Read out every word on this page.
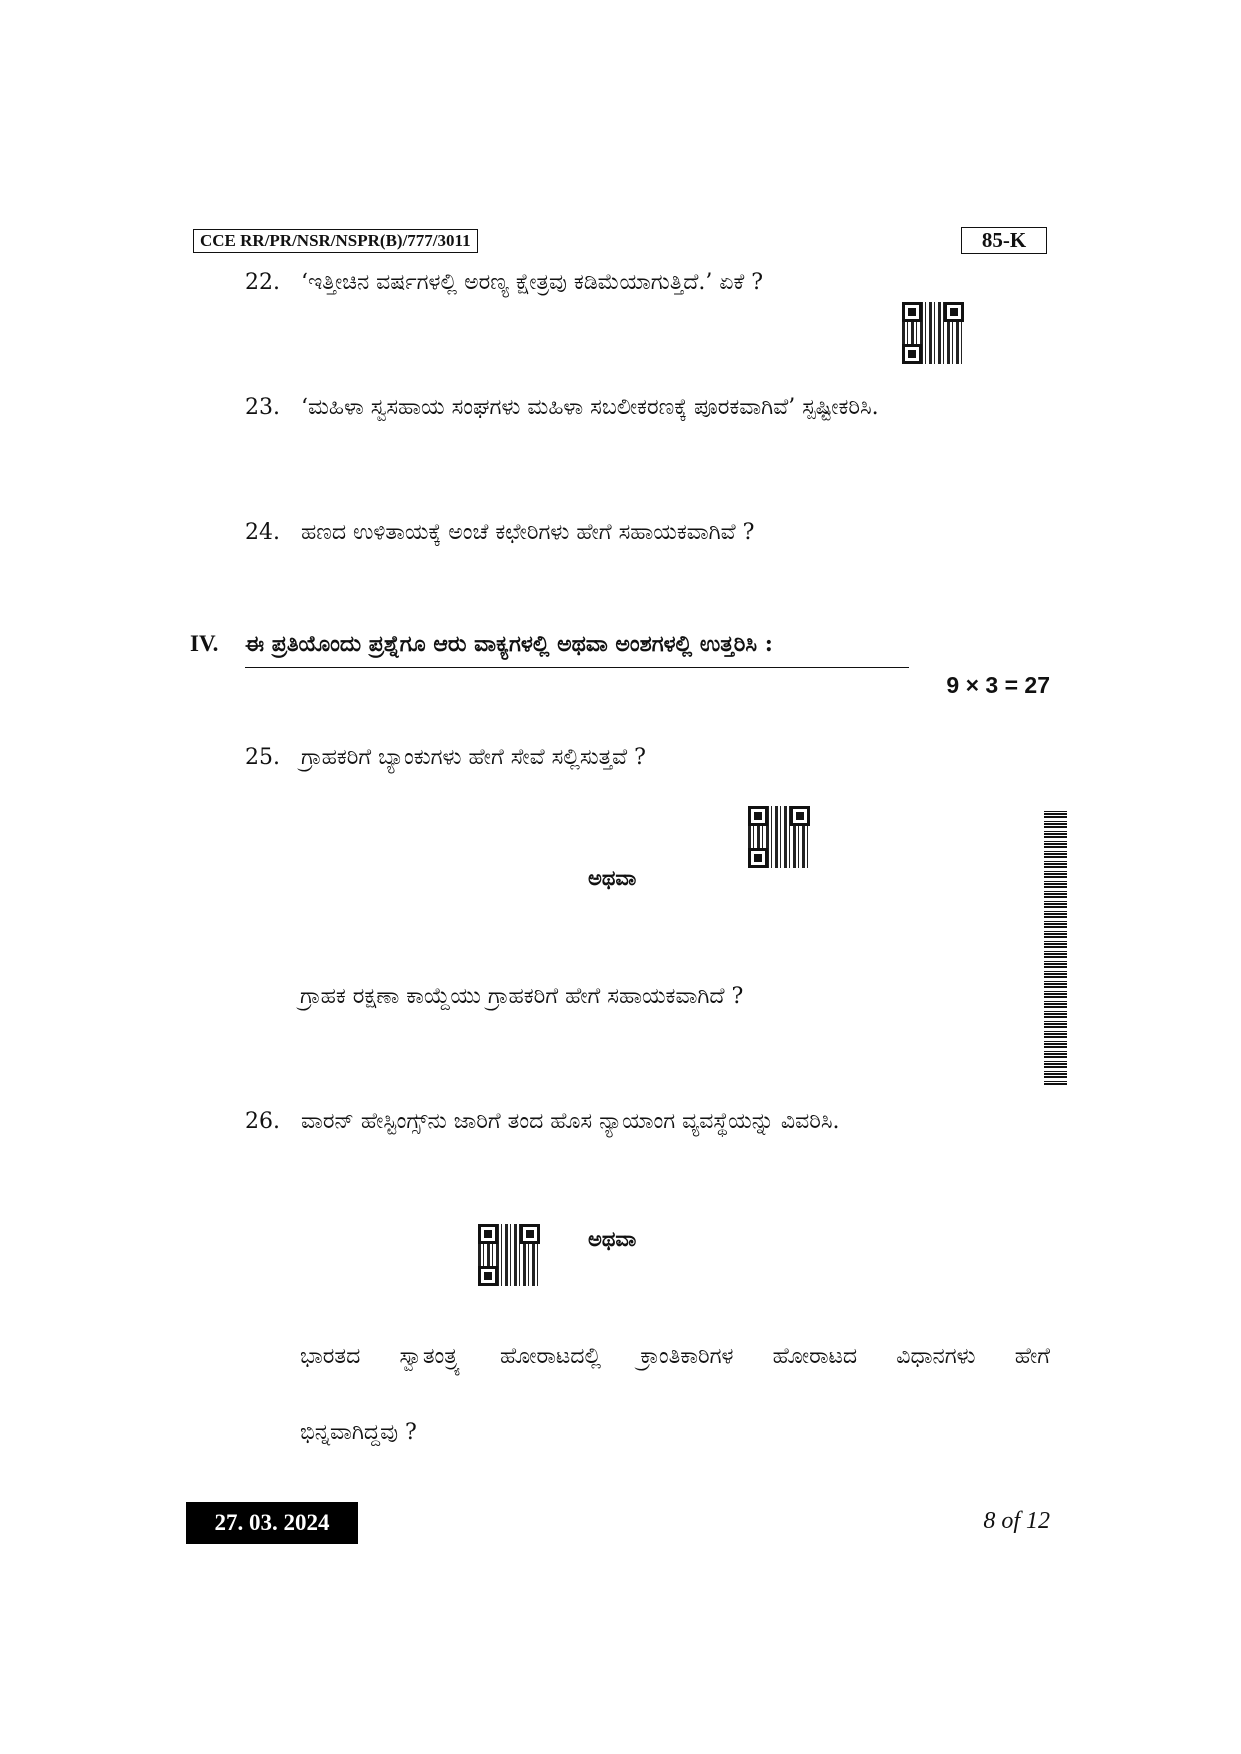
CCE RR/PR/NSR/NSPR(B)/777/3011	85-K
22. ‘ಇತ್ತೀಚಿನ ವರ್ಷಗಳಲ್ಲಿ ಅರಣ್ಯ ಕ್ಷೇತ್ರವು ಕಡಿಮೆಯಾಗುತ್ತಿದೆ.’ ಏಕೆ ?
23. ‘ಮಹಿಳಾ ಸ್ವಸಹಾಯ ಸಂಘಗಳು ಮಹಿಳಾ ಸಬಲೀಕರಣಕ್ಕೆ ಪೂರಕವಾಗಿವೆ’ ಸ್ಪಷ್ಟೀಕರಿಸಿ.
24. ಹಣದ ಉಳಿತಾಯಕ್ಕೆ ಅಂಚೆ ಕಛೇರಿಗಳು ಹೇಗೆ ಸಹಾಯಕವಾಗಿವೆ ?
IV. ಈ ಪ್ರತಿಯೊಂದು ಪ್ರಶ್ನೆಗೂ ಆರು ವಾಕ್ಯಗಳಲ್ಲಿ ಅಥವಾ ಅಂಶಗಳಲ್ಲಿ ಉತ್ತರಿಸಿ :
9 × 3 = 27
25. ಗ್ರಾಹಕರಿಗೆ ಬ್ಯಾಂಕುಗಳು ಹೇಗೆ ಸೇವೆ ಸಲ್ಲಿಸುತ್ತವೆ ?
ಅಥವಾ
ಗ್ರಾಹಕ ರಕ್ಷಣಾ ಕಾಯ್ದೆಯು ಗ್ರಾಹಕರಿಗೆ ಹೇಗೆ ಸಹಾಯಕವಾಗಿದೆ ?
26. ವಾರನ್ ಹೇಸ್ಟಿಂಗ್ಸ್‌ನು ಜಾರಿಗೆ ತಂದ ಹೊಸ ನ್ಯಾಯಾಂಗ ವ್ಯವಸ್ಥೆಯನ್ನು ವಿವರಿಸಿ.
ಅಥವಾ
ಭಾರತದ ಸ್ವಾತಂತ್ರ್ಯ ಹೋರಾಟದಲ್ಲಿ ಕ್ರಾಂತಿಕಾರಿಗಳ ಹೋರಾಟದ ವಿಧಾನಗಳು ಹೇಗೆ
ಭಿನ್ನವಾಗಿದ್ದವು ?
27. 03. 2024	8 of 12
